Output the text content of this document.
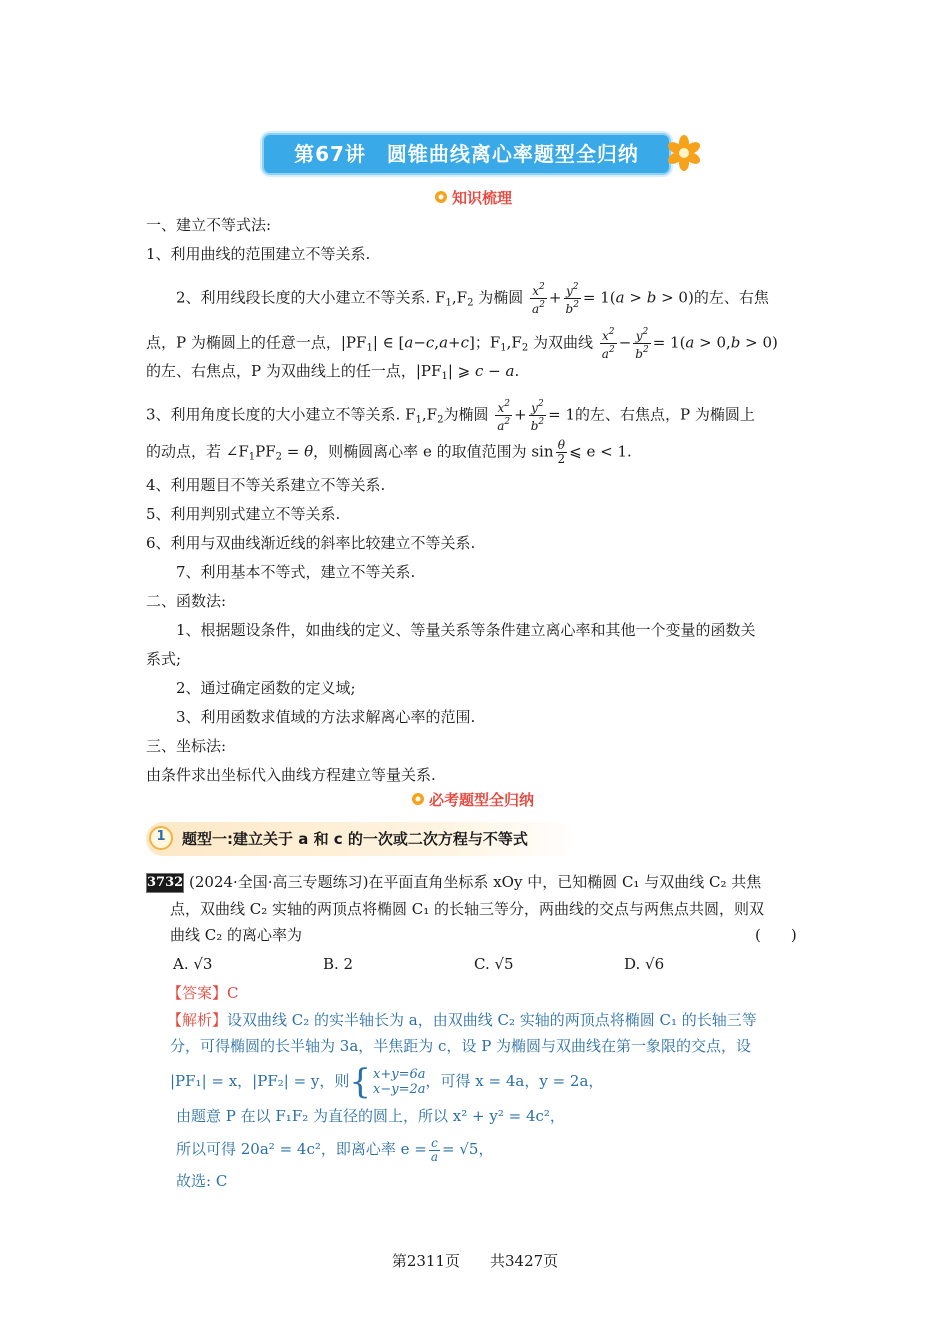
第67讲　圆锥曲线离心率题型全归纳
知识梳理
一、建立不等式法:
1、利用曲线的范围建立不等关系.
2、利用线段长度的大小建立不等关系. $F_1,F_2$ 为椭圆 $\frac{x^2}{a^2} + \frac{y^2}{b^2} = 1(a > b > 0)$的左、右焦
点，P 为椭圆上的任意一点，$|PF_1|$ ∈ [a−c,a+c]；$F_1,F_2$ 为双曲线 $\frac{x^2}{a^2} - \frac{y^2}{b^2} = 1(a > 0,b > 0)$
的左、右焦点，P 为双曲线上的任一点，$|PF_1|$ ⩾ c − a.
3、利用角度长度的大小建立不等关系. $F_1,F_2$为椭圆 $\frac{x^2}{a^2} + \frac{y^2}{b^2} = 1$的左、右焦点，P 为椭圆上
的动点，若 $\angle F_1PF_2 = \theta$，则椭圆离心率 e 的取值范围为 $\sin \frac{\theta}{2}$ ⩽ e < 1.
4、利用题目不等关系建立不等关系.
5、利用判别式建立不等关系.
6、利用与双曲线渐近线的斜率比较建立不等关系.
7、利用基本不等式，建立不等关系.
二、函数法:
1、根据题设条件，如曲线的定义、等量关系等条件建立离心率和其他一个变量的函数关
系式;
2、通过确定函数的定义域;
3、利用函数求值域的方法求解离心率的范围.
三、坐标法:
由条件求出坐标代入曲线方程建立等量关系.
必考题型全归纳
1	题型一:建立关于 a 和 c 的一次或二次方程与不等式
3732 (2024·全国·高三专题练习)在平面直角坐标系 xOy 中，已知椭圆 C₁ 与双曲线 C₂ 共焦
点，双曲线 C₂ 实轴的两顶点将椭圆 C₁ 的长轴三等分，两曲线的交点与两焦点共圆，则双
曲线 C₂ 的离心率为	(　　)
A. √3	B. 2	C. √5	D. √6
【答案】C
【解析】设双曲线 C₂ 的实半轴长为 a，由双曲线 C₂ 实轴的两顶点将椭圆 C₁ 的长轴三等
分，可得椭圆的长半轴为 3a，半焦距为 c，设 P 为椭圆与双曲线在第一象限的交点，设
|PF₁| = x，|PF₂| = y，则{ x+y=6a
x−y=2a，可得 x = 4a，y = 2a，
由题意 P 在以 F₁F₂ 为直径的圆上，所以 x² + y² = 4c²，
所以可得 20a² = 4c²，即离心率 $e = \frac{c}{a} = √5$，
故选: C
第2311页　　共3427页
